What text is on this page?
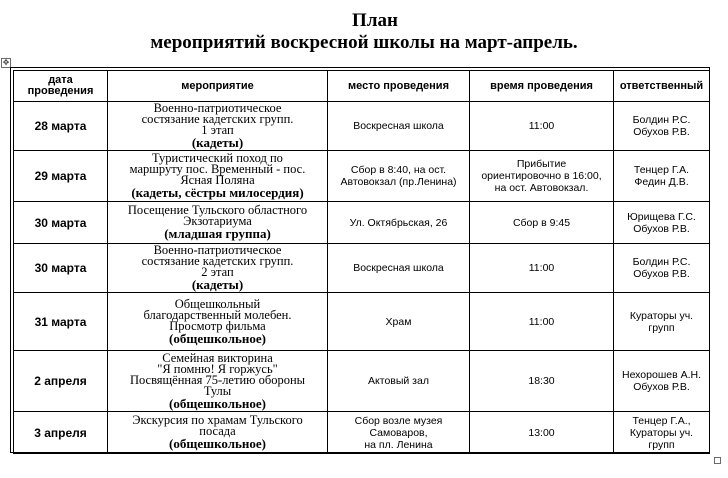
План
мероприятий воскресной школы на март-апрель.
✥
дата проведения	мероприятие	место проведения	время проведения	ответственный
28 марта	Военно-патриотическое
состязание кадетских групп.
1 этап
(кадеты)	Воскресная школа	11:00	Болдин Р.С.
Обухов Р.В.
29 марта	Туристический поход по
маршруту пос. Временный - пос.
Ясная Поляна
(кадеты, сёстры милосердия)	Сбор в 8:40, на ост.
Автовокзал (пр.Ленина)	Прибытие
ориентировочно в 16:00,
на ост. Автовокзал.	Тенцер Г.А.
Федин Д.В.
30 марта	Посещение Тульского областного
Экзотариума
(младшая группа)	Ул. Октябрьская, 26	Сбор в 9:45	Юрищева Г.С.
Обухов Р.В.
30 марта	Военно-патриотическое
состязание кадетских групп.
2 этап
(кадеты)	Воскресная школа	11:00	Болдин Р.С.
Обухов Р.В.
31 марта	Общешкольный
благодарственный молебен.
Просмотр фильма
(общешкольное)	Храм	11:00	Кураторы уч.
групп
2 апреля	Семейная викторина
"Я помню! Я горжусь"
Посвящённая 75-летию обороны
Тулы
(общешкольное)	Актовый зал	18:30	Нехорошев А.Н.
Обухов Р.В.
3 апреля	Экскурсия по храмам Тульского
посада
(общешкольное)	Сбор возле музея
Самоваров,
на пл. Ленина	13:00	Тенцер Г.А.,
Кураторы уч.
групп
